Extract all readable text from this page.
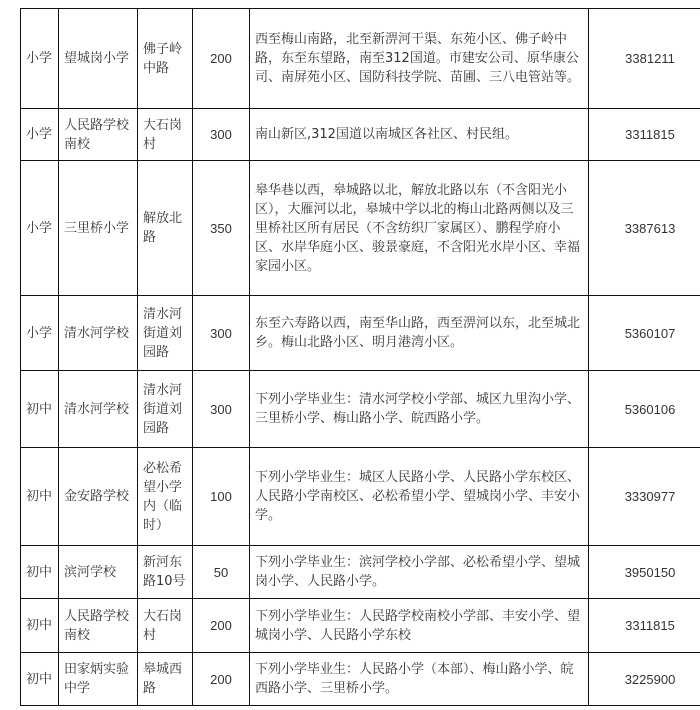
小学	望城岗小学	佛子岭中路	200	西至梅山南路，北至新淠河干渠、东苑小区、佛子岭中路，东至东望路，南至312国道。市建安公司、原华康公司、南屏苑小区、国防科技学院、苗圃、三八电管站等。	3381211
小学	人民路学校南校	大石岗村	300	南山新区,312国道以南城区各社区、村民组。	3311815
小学	三里桥小学	解放北路	350	皋华巷以西，皋城路以北，解放北路以东（不含阳光小区），大雁河以北，皋城中学以北的梅山北路两侧以及三里桥社区所有居民（不含纺织厂家属区）、鹏程学府小区、水岸华庭小区、骏景豪庭，不含阳光水岸小区、幸福家园小区。	3387613
小学	清水河学校	清水河街道刘园路	300	东至六寿路以西，南至华山路，西至淠河以东，北至城北乡。梅山北路小区、明月港湾小区。	5360107
初中	清水河学校	清水河街道刘园路	300	下列小学毕业生：清水河学校小学部、城区九里沟小学、三里桥小学、梅山路小学、皖西路小学。	5360106
初中	金安路学校	必松希望小学内（临时）	100	下列小学毕业生：城区人民路小学、人民路小学东校区、人民路小学南校区、必松希望小学、望城岗小学、丰安小学。	3330977
初中	滨河学校	新河东路10号	50	下列小学毕业生：滨河学校小学部、必松希望小学、望城岗小学、人民路小学。	3950150
初中	人民路学校南校	大石岗村	200	下列小学毕业生：人民路学校南校小学部、丰安小学、望城岗小学、人民路小学东校	3311815
初中	田家炳实验中学	皋城西路	200	下列小学毕业生：人民路小学（本部）、梅山路小学、皖西路小学、三里桥小学。	3225900
